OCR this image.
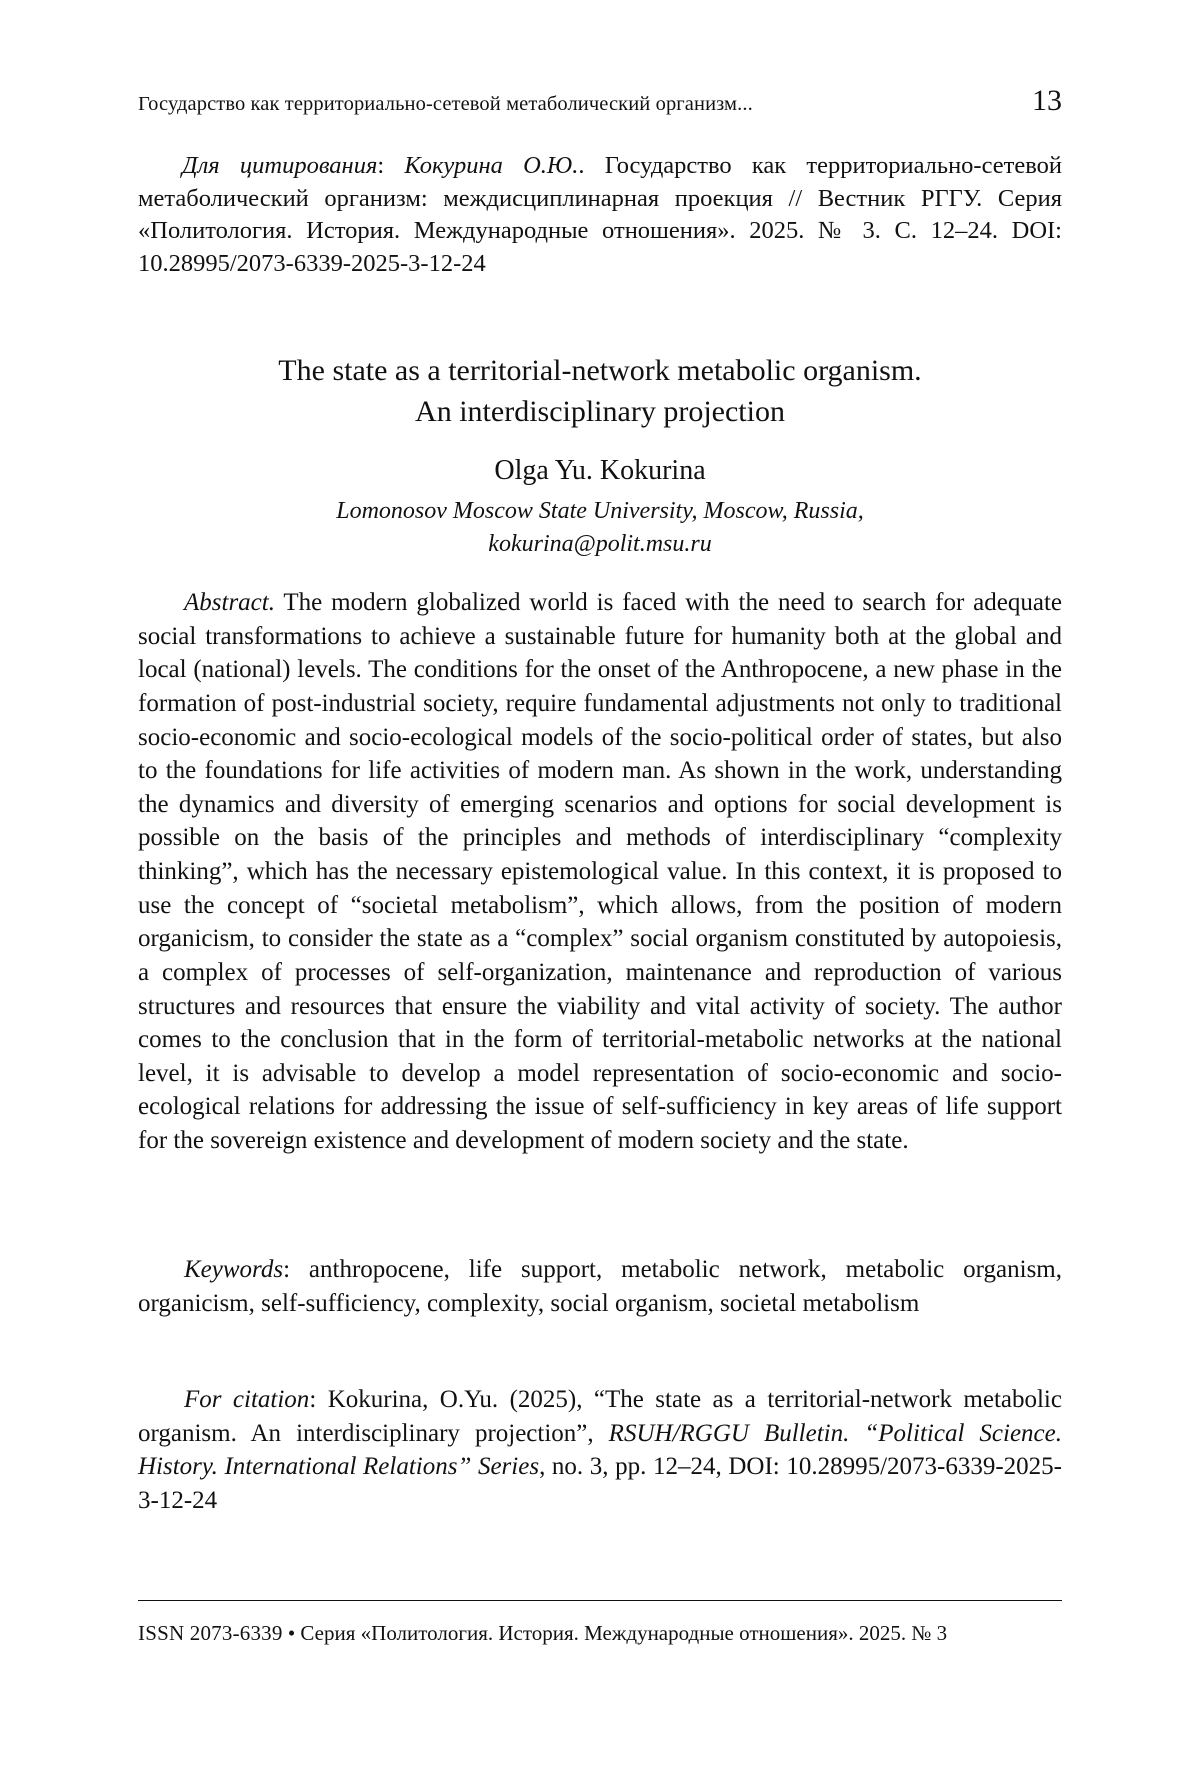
Государство как территориально-сетевой метаболический организм...	13
Для цитирования: Кокурина О.Ю.. Государство как территориально-сетевой метаболический организм: междисциплинарная проекция // Вестник РГГУ. Серия «Политология. История. Международные отношения». 2025. № 3. С. 12–24. DOI: 10.28995/2073-6339-2025-3-12-24
The state as a territorial-network metabolic organism.
An interdisciplinary projection
Olga Yu. Kokurina
Lomonosov Moscow State University, Moscow, Russia,
kokurina@polit.msu.ru
Abstract. The modern globalized world is faced with the need to search for adequate social transformations to achieve a sustainable future for humanity both at the global and local (national) levels. The conditions for the onset of the Anthropocene, a new phase in the formation of post-industrial society, require fundamental adjustments not only to traditional socio-economic and socio-ecological models of the socio-political order of states, but also to the foundations for life activities of modern man. As shown in the work, understanding the dynamics and diversity of emerging scenarios and options for social development is possible on the basis of the principles and methods of interdisciplinary “complexity thinking”, which has the necessary epistemological value. In this context, it is proposed to use the concept of “societal metabolism”, which allows, from the position of modern organicism, to consider the state as a “complex” social organism constituted by autopoiesis, a complex of processes of self-organization, maintenance and reproduction of various structures and resources that ensure the viability and vital activity of society. The author comes to the conclusion that in the form of territorial-metabolic networks at the national level, it is advisable to develop a model representation of socio-economic and socio-ecological relations for addressing the issue of self-sufficiency in key areas of life support for the sovereign existence and development of modern society and the state.
Keywords: anthropocene, life support, metabolic network, metabolic organism, organicism, self-sufficiency, complexity, social organism, societal metabolism
For citation: Kokurina, O.Yu. (2025), “The state as a territorial-network metabolic organism. An interdisciplinary projection”, RSUH/RGGU Bulletin. “Political Science. History. International Relations” Series, no. 3, pp. 12–24, DOI: 10.28995/2073-6339-2025-3-12-24
ISSN 2073-6339 • Серия «Политология. История. Международные отношения». 2025. № 3
